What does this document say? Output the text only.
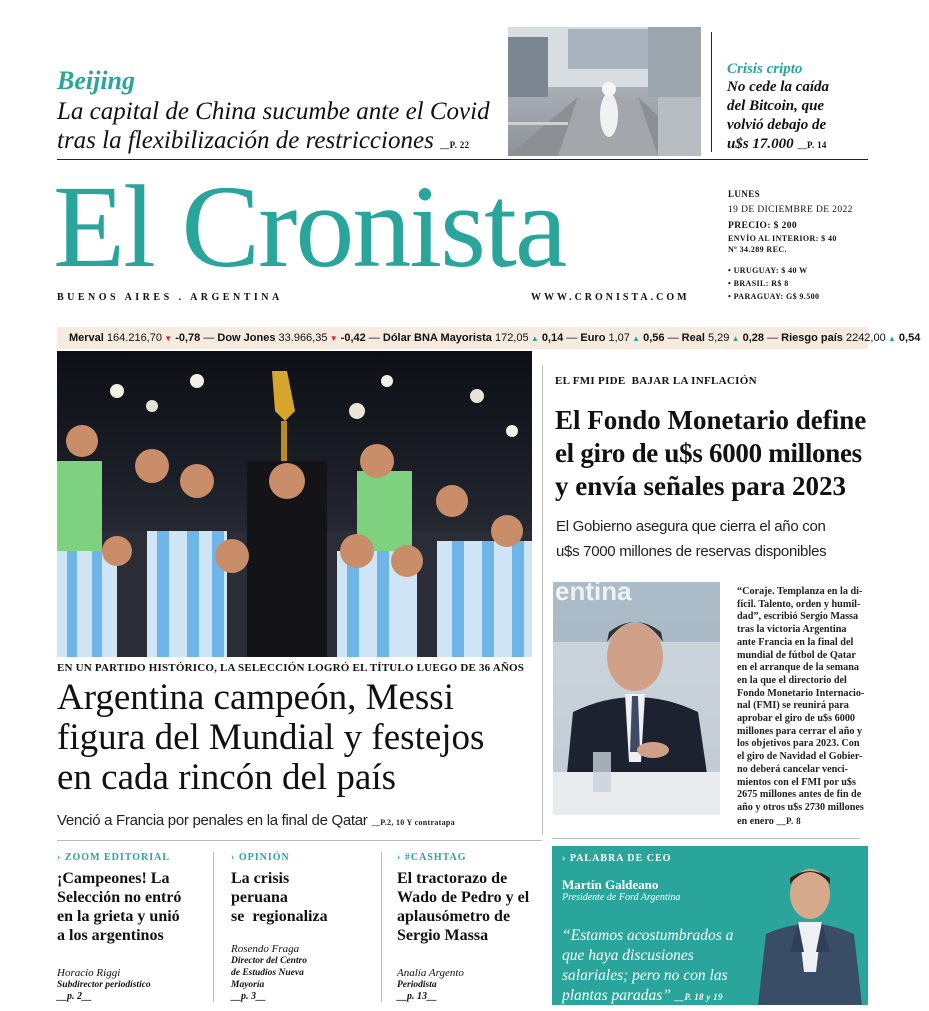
Beijing
La capital de China sucumbe ante el Covid
tras la flexibilización de restricciones __P. 22
Crisis cripto
No cede la caída
del Bitcoin, que
volvió debajo de
u$s 17.000 __P. 14
El Cronista
BUENOS AIRES . ARGENTINA	WWW.CRONISTA.COM
LUNES
19 DE DICIEMBRE DE 2022
PRECIO: $ 200
ENVÍO AL INTERIOR: $ 40
Nº 34.289 REC.
• URUGUAY: $ 40 W
• BRASIL: R$ 8
• PARAGUAY: G$ 9.500
Merval 164.216,70 ▼ -0,78 — Dow Jones 33.966,35 ▼ -0,42 — Dólar BNA Mayorista 172,05 ▲ 0,14 — Euro 1,07 ▲ 0,56 — Real 5,29 ▲ 0,28 — Riesgo país 2242,00 ▲ 0,54
EN UN PARTIDO HISTÓRICO, LA SELECCIÓN LOGRÓ EL TÍTULO LUEGO DE 36 AÑOS
Argentina campeón, Messi
figura del Mundial y festejos
en cada rincón del país
Venció a Francia por penales en la final de Qatar __P.2, 10 Y contratapa
EL FMI PIDE  BAJAR LA INFLACIÓN
El Fondo Monetario define
el giro de u$s 6000 millones
y envía señales para 2023
El Gobierno asegura que cierra el año con
u$s 7000 millones de reservas disponibles
entina	“Coraje. Templanza en la di-
fícil. Talento, orden y humil-
dad”, escribió Sergio Massa
tras la victoria Argentina
ante Francia en la final del
mundial de fútbol de Qatar
en el arranque de la semana
en la que el directorio del
Fondo Monetario Internacio-
nal (FMI) se reunirá para
aprobar el giro de u$s 6000
millones para cerrar el año y
los objetivos para 2023. Con
el giro de Navidad el Gobier-
no deberá cancelar venci-
mientos con el FMI por u$s
2675 millones antes de fin de
año y otros u$s 2730 millones
en enero __P. 8
› ZOOM EDITORIAL
¡Campeones! La
Selección no entró
en la grieta y unió
a los argentinos
Horacio Riggi
Subdirector periodístico
__p. 2__
› OPINIÓN
La crisis
peruana
se  regionaliza
Rosendo Fraga
Director del Centro
de Estudios Nueva
Mayoría
__p. 3__
› #CASHTAG
El tractorazo de
Wado de Pedro y el
aplausómetro de
Sergio Massa
Analía Argento
Periodista
__p. 13__
› PALABRA DE CEO
Martín Galdeano
Presidente de Ford Argentina
“Estamos acostumbrados a
que haya discusiones
salariales; pero no con las
plantas paradas” __P. 18 y 19
